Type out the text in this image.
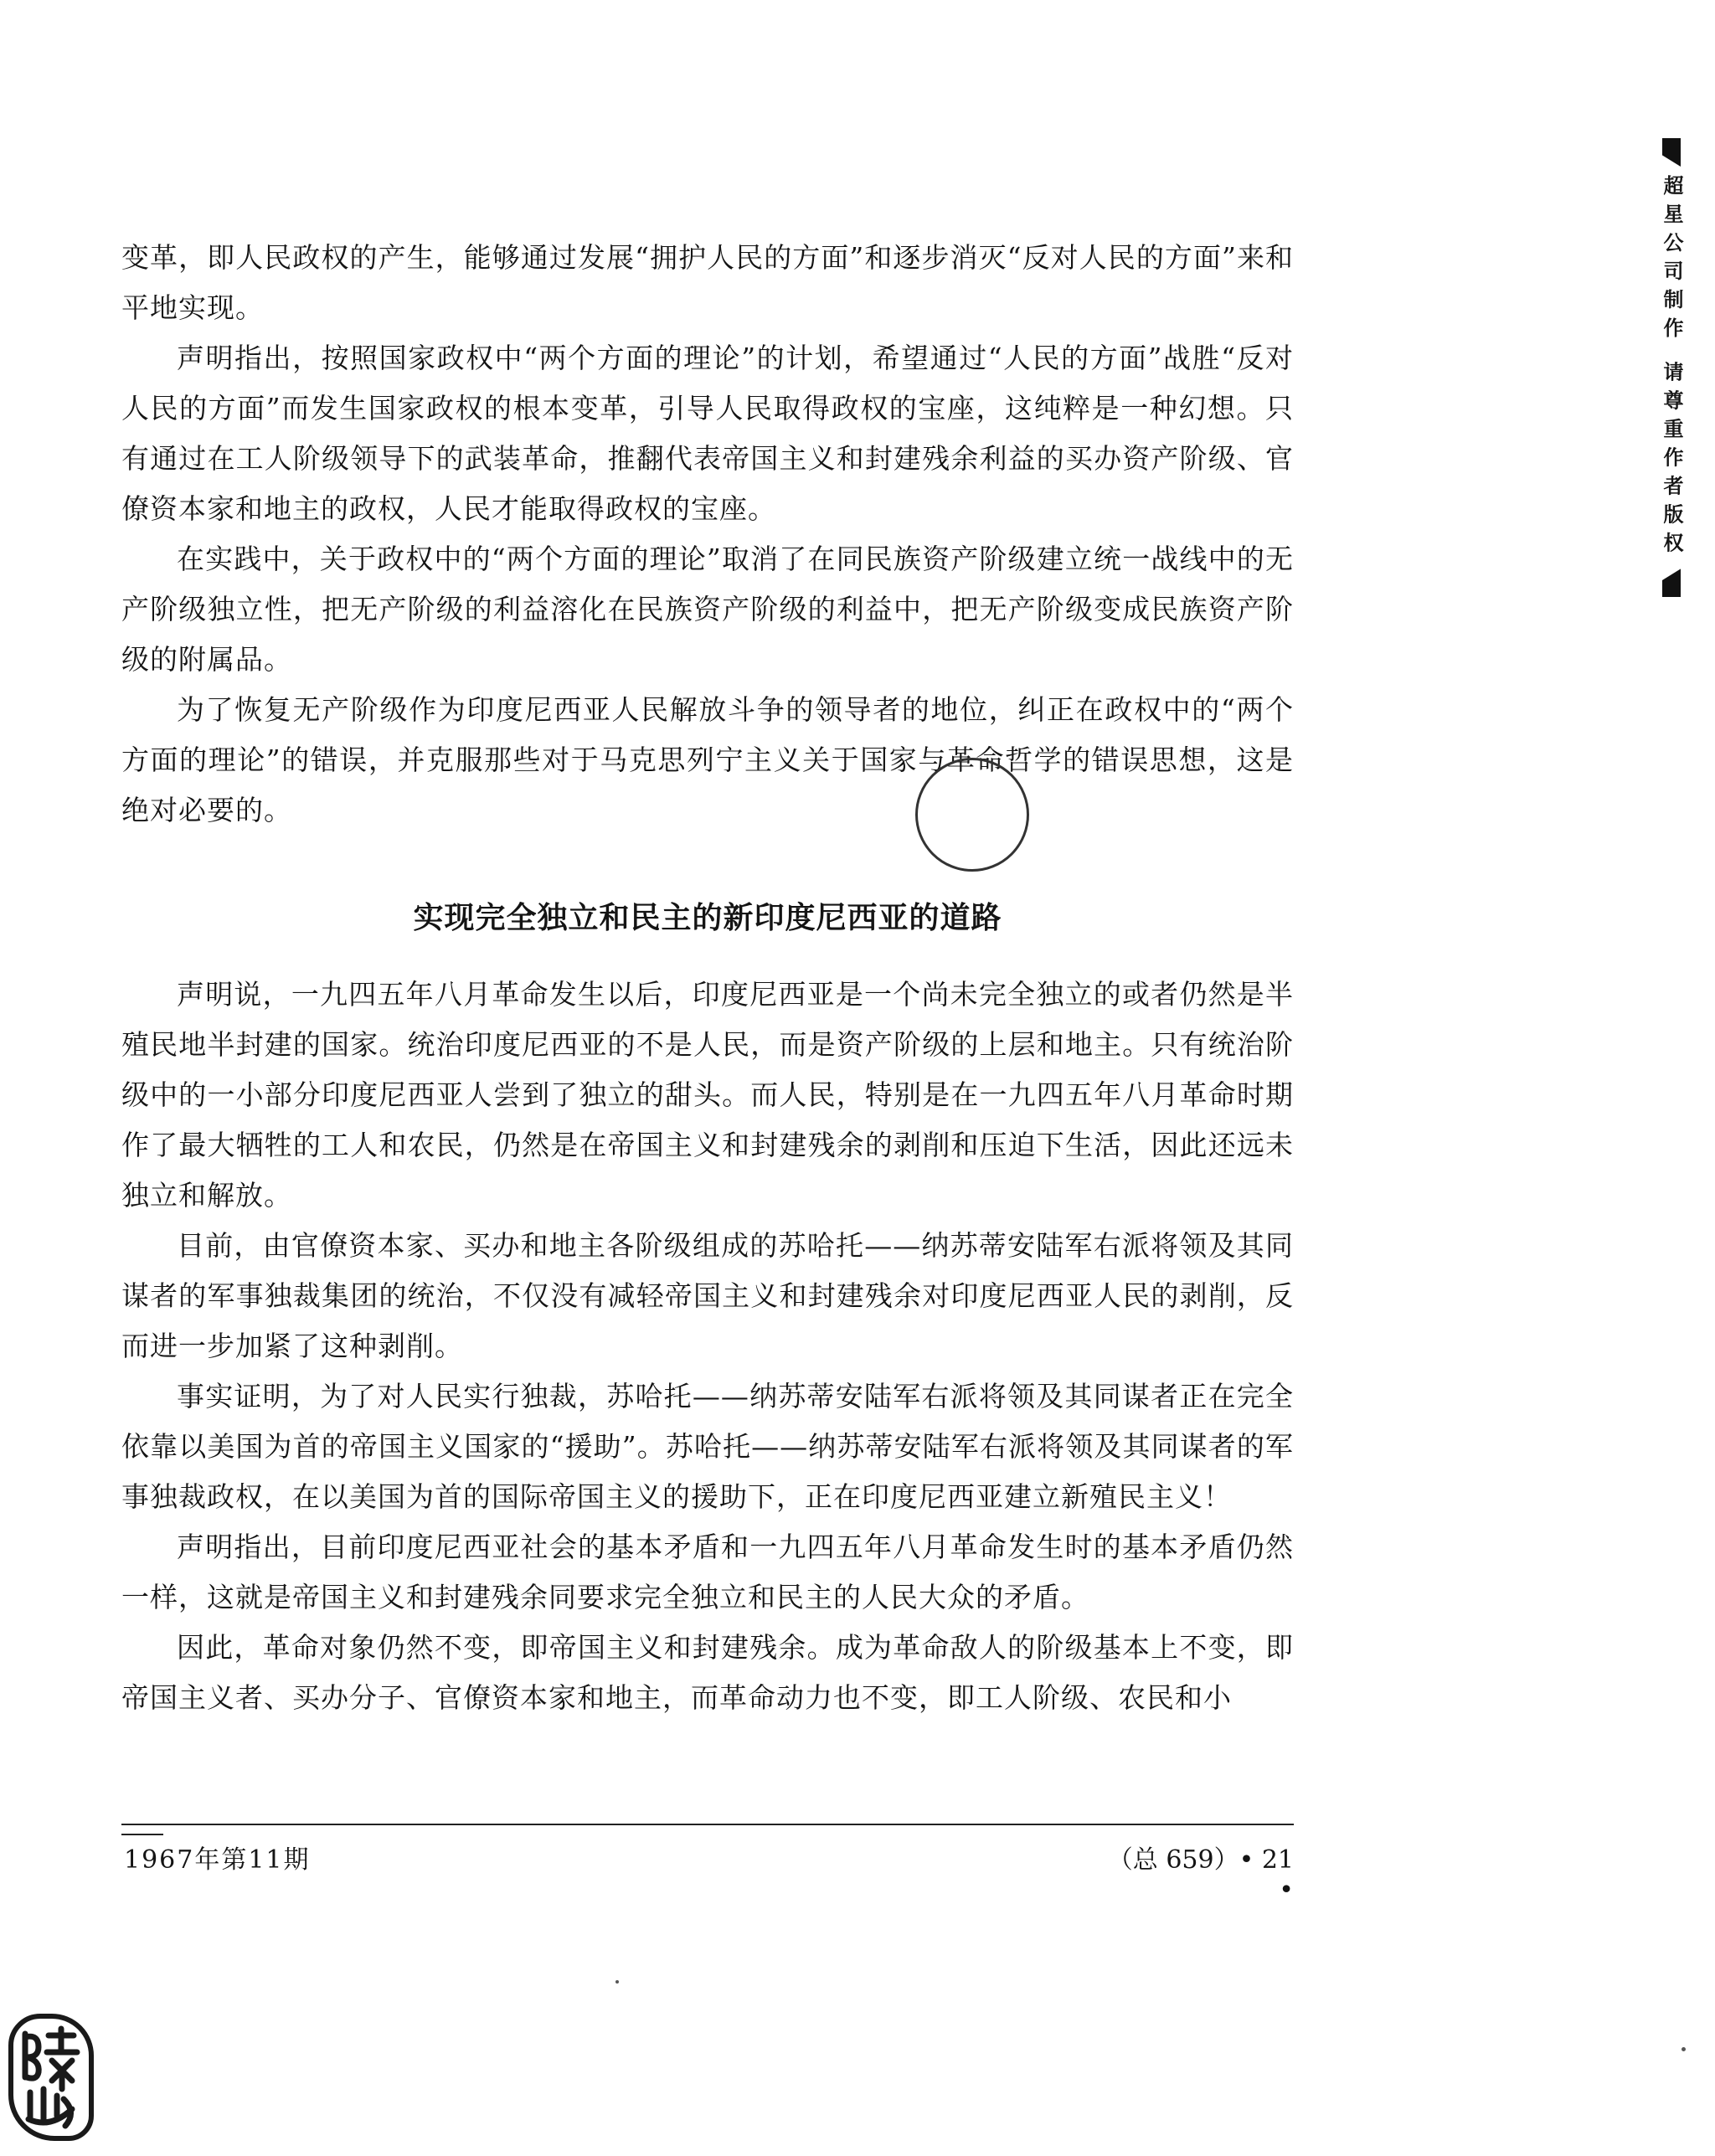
变革，即人民政权的产生，能够通过发展“拥护人民的方面”和逐步消灭“反对人民的方面”来和平地实现。

声明指出，按照国家政权中“两个方面的理论”的计划，希望通过“人民的方面”战胜“反对人民的方面”而发生国家政权的根本变革，引导人民取得政权的宝座，这纯粹是一种幻想。只有通过在工人阶级领导下的武装革命，推翻代表帝国主义和封建残余利益的买办资产阶级、官僚资本家和地主的政权，人民才能取得政权的宝座。

在实践中，关于政权中的“两个方面的理论”取消了在同民族资产阶级建立统一战线中的无产阶级独立性，把无产阶级的利益溶化在民族资产阶级的利益中，把无产阶级变成民族资产阶级的附属品。

为了恢复无产阶级作为印度尼西亚人民解放斗争的领导者的地位，纠正在政权中的“两个方面的理论”的错误，并克服那些对于马克思列宁主义关于国家与革命哲学的错误思想，这是绝对必要的。

实现完全独立和民主的新印度尼西亚的道路

声明说，一九四五年八月革命发生以后，印度尼西亚是一个尚未完全独立的或者仍然是半殖民地半封建的国家。统治印度尼西亚的不是人民，而是资产阶级的上层和地主。只有统治阶级中的一小部分印度尼西亚人尝到了独立的甜头。而人民，特别是在一九四五年八月革命时期作了最大牺牲的工人和农民，仍然是在帝国主义和封建残余的剥削和压迫下生活，因此还远未独立和解放。

目前，由官僚资本家、买办和地主各阶级组成的苏哈托——纳苏蒂安陆军右派将领及其同谋者的军事独裁集团的统治，不仅没有减轻帝国主义和封建残余对印度尼西亚人民的剥削，反而进一步加紧了这种剥削。

事实证明，为了对人民实行独裁，苏哈托——纳苏蒂安陆军右派将领及其同谋者正在完全依靠以美国为首的帝国主义国家的“援助”。苏哈托——纳苏蒂安陆军右派将领及其同谋者的军事独裁政权，在以美国为首的国际帝国主义的援助下，正在印度尼西亚建立新殖民主义！

声明指出，目前印度尼西亚社会的基本矛盾和一九四五年八月革命发生时的基本矛盾仍然一样，这就是帝国主义和封建残余同要求完全独立和民主的人民大众的矛盾。

因此，革命对象仍然不变，即帝国主义和封建残余。成为革命敌人的阶级基本上不变，即帝国主义者、买办分子、官僚资本家和地主，而革命动力也不变，即工人阶级、农民和小

1967年第11期	（总 659）• 21 •
超星公司制作 请尊重作者版权
